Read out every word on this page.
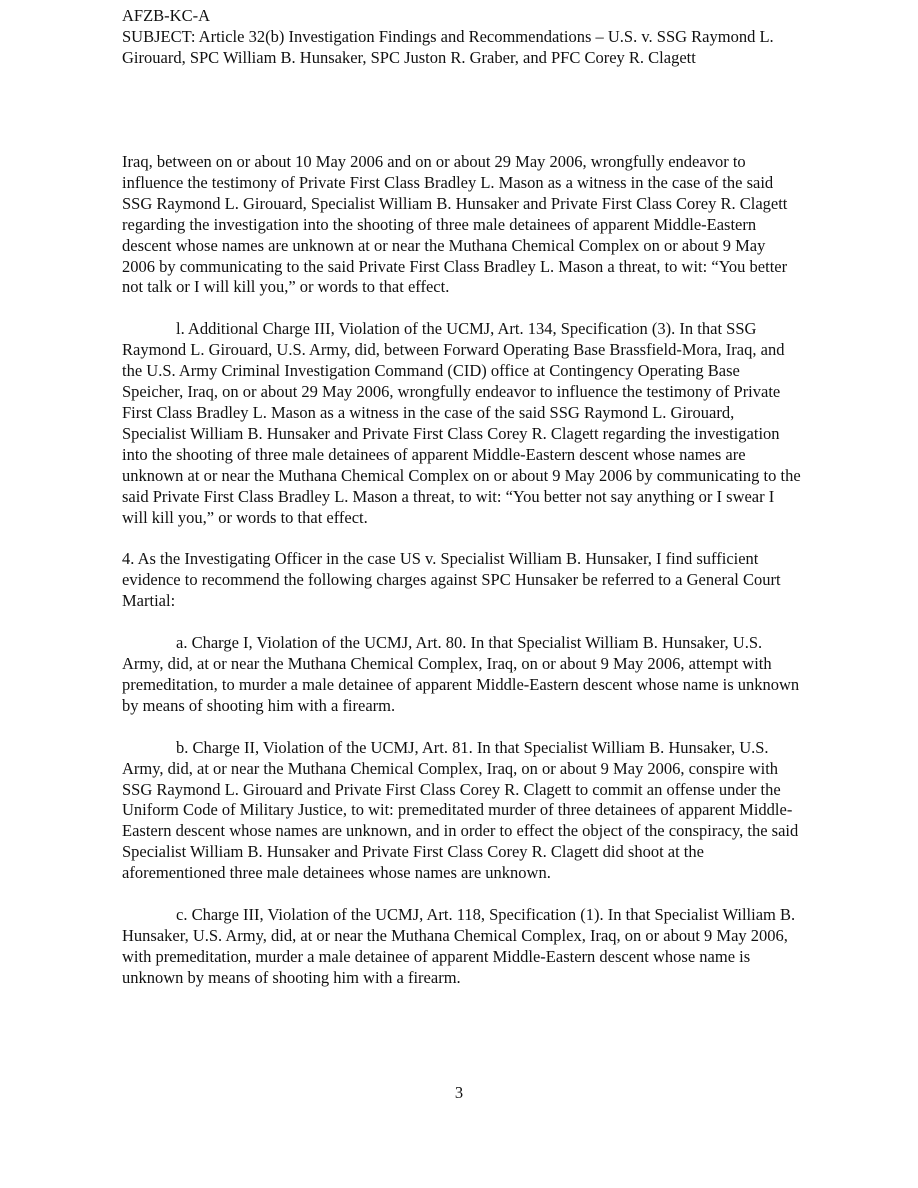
AFZB-KC-A
SUBJECT: Article 32(b) Investigation Findings and Recommendations – U.S. v. SSG Raymond L. Girouard, SPC William B. Hunsaker, SPC Juston R. Graber, and PFC Corey R. Clagett

Iraq, between on or about 10 May 2006 and on or about 29 May 2006, wrongfully endeavor to influence the testimony of Private First Class Bradley L. Mason as a witness in the case of the said SSG Raymond L. Girouard, Specialist William B. Hunsaker and Private First Class Corey R. Clagett regarding the investigation into the shooting of three male detainees of apparent Middle-Eastern descent whose names are unknown at or near the Muthana Chemical Complex on or about 9 May 2006 by communicating to the said Private First Class Bradley L. Mason a threat, to wit: “You better not talk or I will kill you,” or words to that effect.

l. Additional Charge III, Violation of the UCMJ, Art. 134, Specification (3). In that SSG Raymond L. Girouard, U.S. Army, did, between Forward Operating Base Brassfield-Mora, Iraq, and the U.S. Army Criminal Investigation Command (CID) office at Contingency Operating Base Speicher, Iraq, on or about 29 May 2006, wrongfully endeavor to influence the testimony of Private First Class Bradley L. Mason as a witness in the case of the said SSG Raymond L. Girouard, Specialist William B. Hunsaker and Private First Class Corey R. Clagett regarding the investigation into the shooting of three male detainees of apparent Middle-Eastern descent whose names are unknown at or near the Muthana Chemical Complex on or about 9 May 2006 by communicating to the said Private First Class Bradley L. Mason a threat, to wit: “You better not say anything or I swear I will kill you,” or words to that effect.

4. As the Investigating Officer in the case US v. Specialist William B. Hunsaker, I find sufficient evidence to recommend the following charges against SPC Hunsaker be referred to a General Court Martial:

a. Charge I, Violation of the UCMJ, Art. 80. In that Specialist William B. Hunsaker, U.S. Army, did, at or near the Muthana Chemical Complex, Iraq, on or about 9 May 2006, attempt with premeditation, to murder a male detainee of apparent Middle-Eastern descent whose name is unknown by means of shooting him with a firearm.

b. Charge II, Violation of the UCMJ, Art. 81. In that Specialist William B. Hunsaker, U.S. Army, did, at or near the Muthana Chemical Complex, Iraq, on or about 9 May 2006, conspire with SSG Raymond L. Girouard and Private First Class Corey R. Clagett to commit an offense under the Uniform Code of Military Justice, to wit: premeditated murder of three detainees of apparent Middle-Eastern descent whose names are unknown, and in order to effect the object of the conspiracy, the said Specialist William B. Hunsaker and Private First Class Corey R. Clagett did shoot at the aforementioned three male detainees whose names are unknown.

c. Charge III, Violation of the UCMJ, Art. 118, Specification (1). In that Specialist William B. Hunsaker, U.S. Army, did, at or near the Muthana Chemical Complex, Iraq, on or about 9 May 2006, with premeditation, murder a male detainee of apparent Middle-Eastern descent whose name is unknown by means of shooting him with a firearm.

3
